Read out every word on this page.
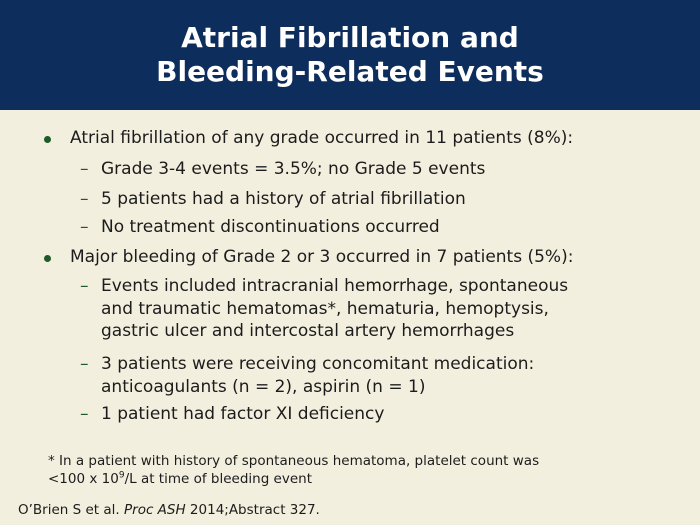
Atrial Fibrillation and
Bleeding-Related Events
Atrial fibrillation of any grade occurred in 11 patients (8%):
– Grade 3-4 events = 3.5%; no Grade 5 events
– 5 patients had a history of atrial fibrillation
– No treatment discontinuations occurred
Major bleeding of Grade 2 or 3 occurred in 7 patients (5%):
– Events included intracranial hemorrhage, spontaneous
and traumatic hematomas*, hematuria, hemoptysis,
gastric ulcer and intercostal artery hemorrhages
– 3 patients were receiving concomitant medication:
anticoagulants (n = 2), aspirin (n = 1)
– 1 patient had factor XI deficiency
* In a patient with history of spontaneous hematoma, platelet count was
<100 x $10^9/L$ at time of bleeding event
O’Brien S et al. Proc ASH 2014;Abstract 327.
